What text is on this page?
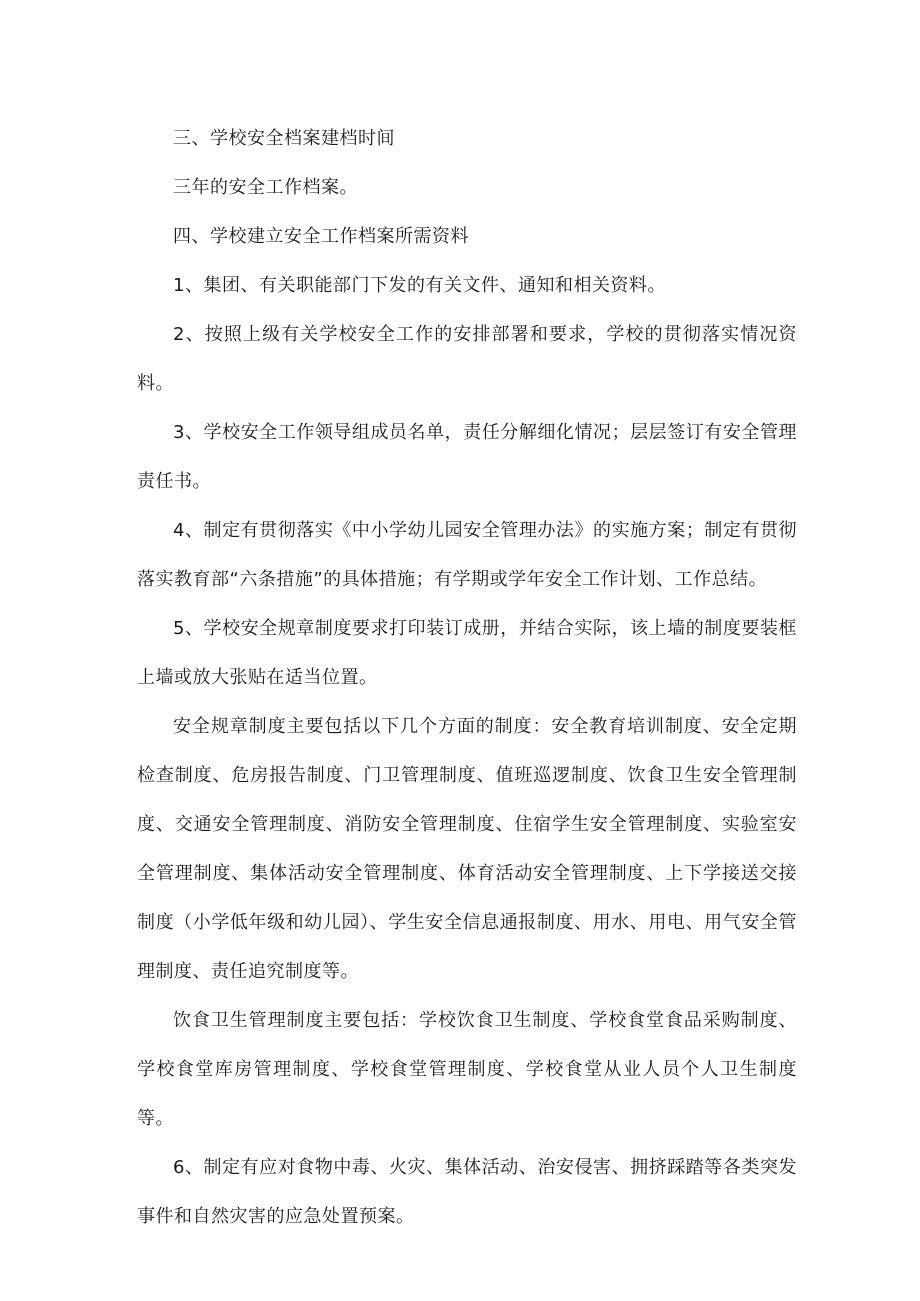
三、学校安全档案建档时间

三年的安全工作档案。

四、学校建立安全工作档案所需资料

1、集团、有关职能部门下发的有关文件、通知和相关资料。

2、按照上级有关学校安全工作的安排部署和要求，学校的贯彻落实情况资料。

3、学校安全工作领导组成员名单，责任分解细化情况；层层签订有安全管理责任书。

4、制定有贯彻落实《中小学幼儿园安全管理办法》的实施方案；制定有贯彻落实教育部“六条措施”的具体措施；有学期或学年安全工作计划、工作总结。

5、学校安全规章制度要求打印装订成册，并结合实际，该上墙的制度要装框上墙或放大张贴在适当位置。

安全规章制度主要包括以下几个方面的制度：安全教育培训制度、安全定期检查制度、危房报告制度、门卫管理制度、值班巡逻制度、饮食卫生安全管理制度、交通安全管理制度、消防安全管理制度、住宿学生安全管理制度、实验室安全管理制度、集体活动安全管理制度、体育活动安全管理制度、上下学接送交接制度（小学低年级和幼儿园）、学生安全信息通报制度、用水、用电、用气安全管理制度、责任追究制度等。

饮食卫生管理制度主要包括：学校饮食卫生制度、学校食堂食品采购制度、学校食堂库房管理制度、学校食堂管理制度、学校食堂从业人员个人卫生制度等。

6、制定有应对食物中毒、火灾、集体活动、治安侵害、拥挤踩踏等各类突发事件和自然灾害的应急处置预案。
